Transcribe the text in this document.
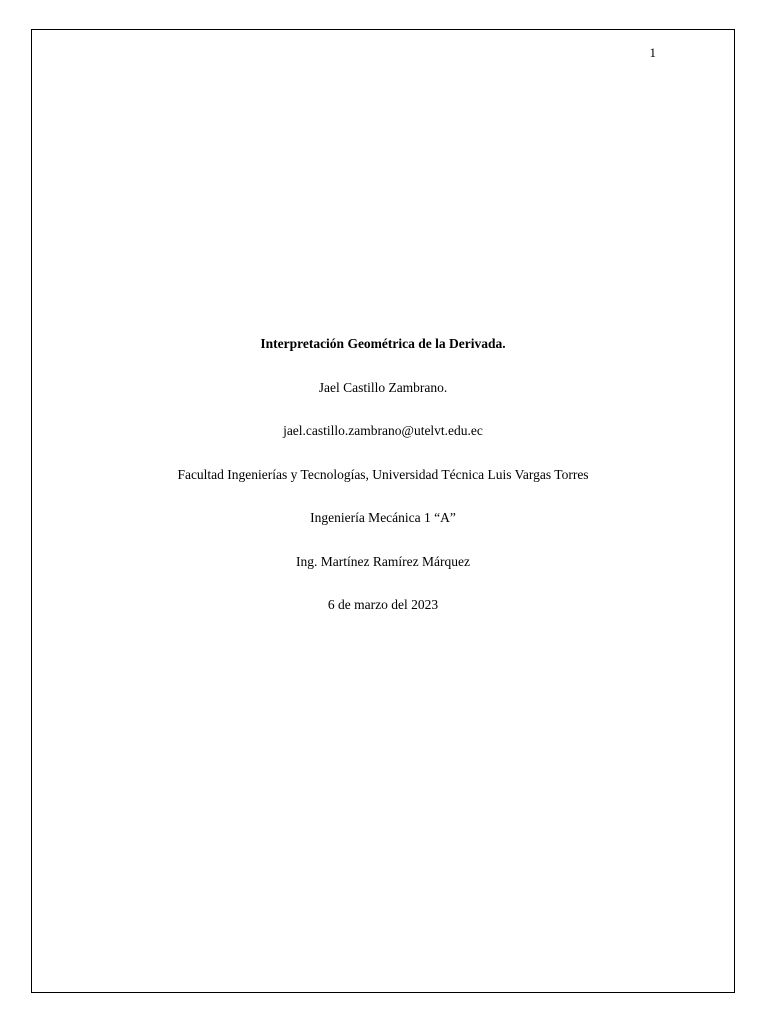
1
Interpretación Geométrica de la Derivada.
Jael Castillo Zambrano.
jael.castillo.zambrano@utelvt.edu.ec
Facultad Ingenierías y Tecnologías, Universidad Técnica Luis Vargas Torres
Ingeniería Mecánica 1 “A”
Ing. Martínez Ramírez Márquez
6 de marzo del 2023
